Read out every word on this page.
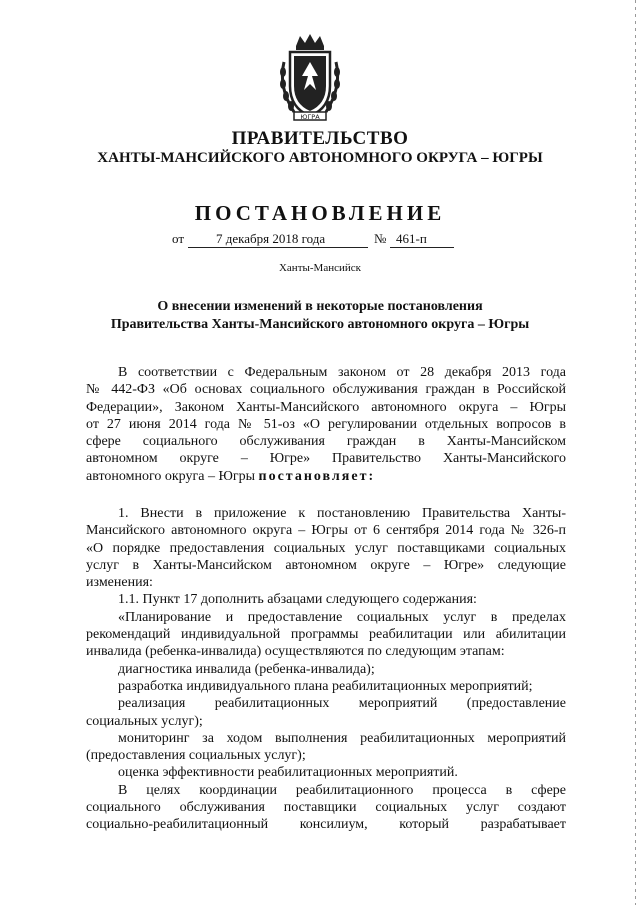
ЮГРА
ПРАВИТЕЛЬСТВО
ХАНТЫ-МАНСИЙСКОГО АВТОНОМНОГО ОКРУГА – ЮГРЫ
ПОСТАНОВЛЕНИЕ
от 7 декабря 2018 года	№ 461-п
Ханты-Мансийск
О внесении изменений в некоторые постановления
Правительства Ханты-Мансийского автономного округа – Югры
В соответствии с Федеральным законом от 28 декабря 2013 года
№ 442-ФЗ «Об основах социального обслуживания граждан в Российской
Федерации», Законом Ханты-Мансийского автономного округа – Югры
от 27 июня 2014 года № 51-оз «О регулировании отдельных вопросов в
сфере социального обслуживания граждан в Ханты-Мансийском
автономном округе – Югре» Правительство Ханты-Мансийского
автономного округа – Югры постановляет:
1. Внести в приложение к постановлению Правительства Ханты-
Мансийского автономного округа – Югры от 6 сентября 2014 года № 326-п
«О порядке предоставления социальных услуг поставщиками социальных
услуг в Ханты-Мансийском автономном округе – Югре» следующие
изменения:
1.1. Пункт 17 дополнить абзацами следующего содержания:
«Планирование и предоставление социальных услуг в пределах
рекомендаций индивидуальной программы реабилитации или абилитации
инвалида (ребенка-инвалида) осуществляются по следующим этапам:
диагностика инвалида (ребенка-инвалида);
разработка индивидуального плана реабилитационных мероприятий;
реализация реабилитационных мероприятий (предоставление
социальных услуг);
мониторинг за ходом выполнения реабилитационных мероприятий
(предоставления социальных услуг);
оценка эффективности реабилитационных мероприятий.
В целях координации реабилитационного процесса в сфере
социального обслуживания поставщики социальных услуг создают
социально-реабилитационный консилиум, который разрабатывает
